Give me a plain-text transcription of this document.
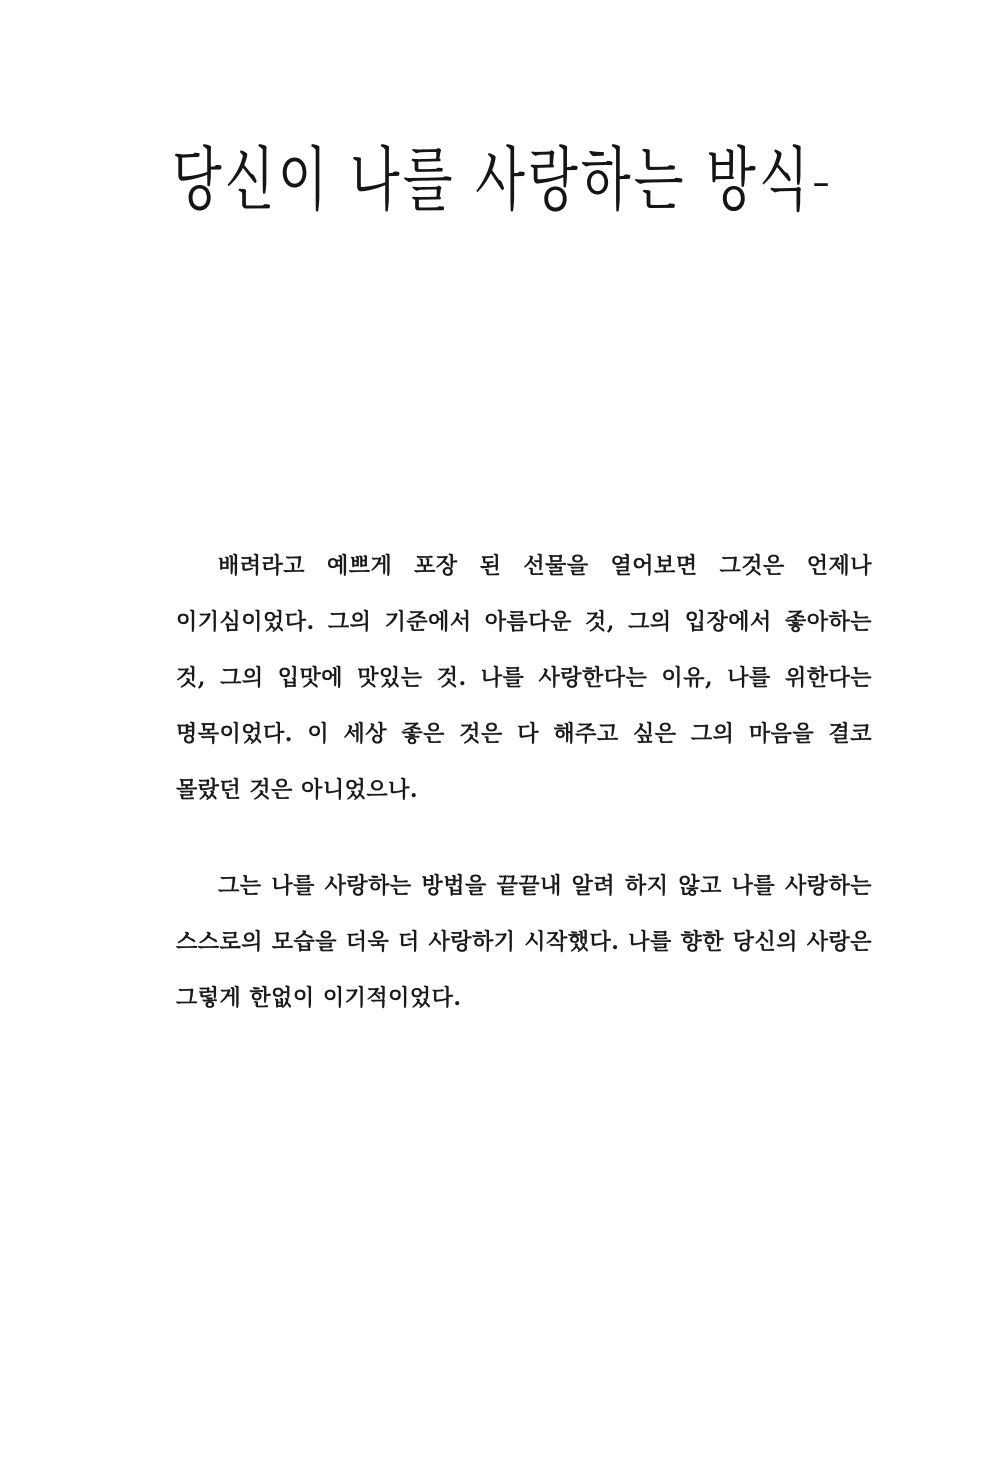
당신이 나를 사랑하는 방식-

배려라고 예쁘게 포장 된 선물을 열어보면 그것은 언제나 이기심이었다. 그의 기준에서 아름다운 것, 그의 입장에서 좋아하는 것, 그의 입맛에 맛있는 것. 나를 사랑한다는 이유, 나를 위한다는 명목이었다. 이 세상 좋은 것은 다 해주고 싶은 그의 마음을 결코 몰랐던 것은 아니었으나.

그는 나를 사랑하는 방법을 끝끝내 알려 하지 않고 나를 사랑하는 스스로의 모습을 더욱 더 사랑하기 시작했다. 나를 향한 당신의 사랑은 그렇게 한없이 이기적이었다.
